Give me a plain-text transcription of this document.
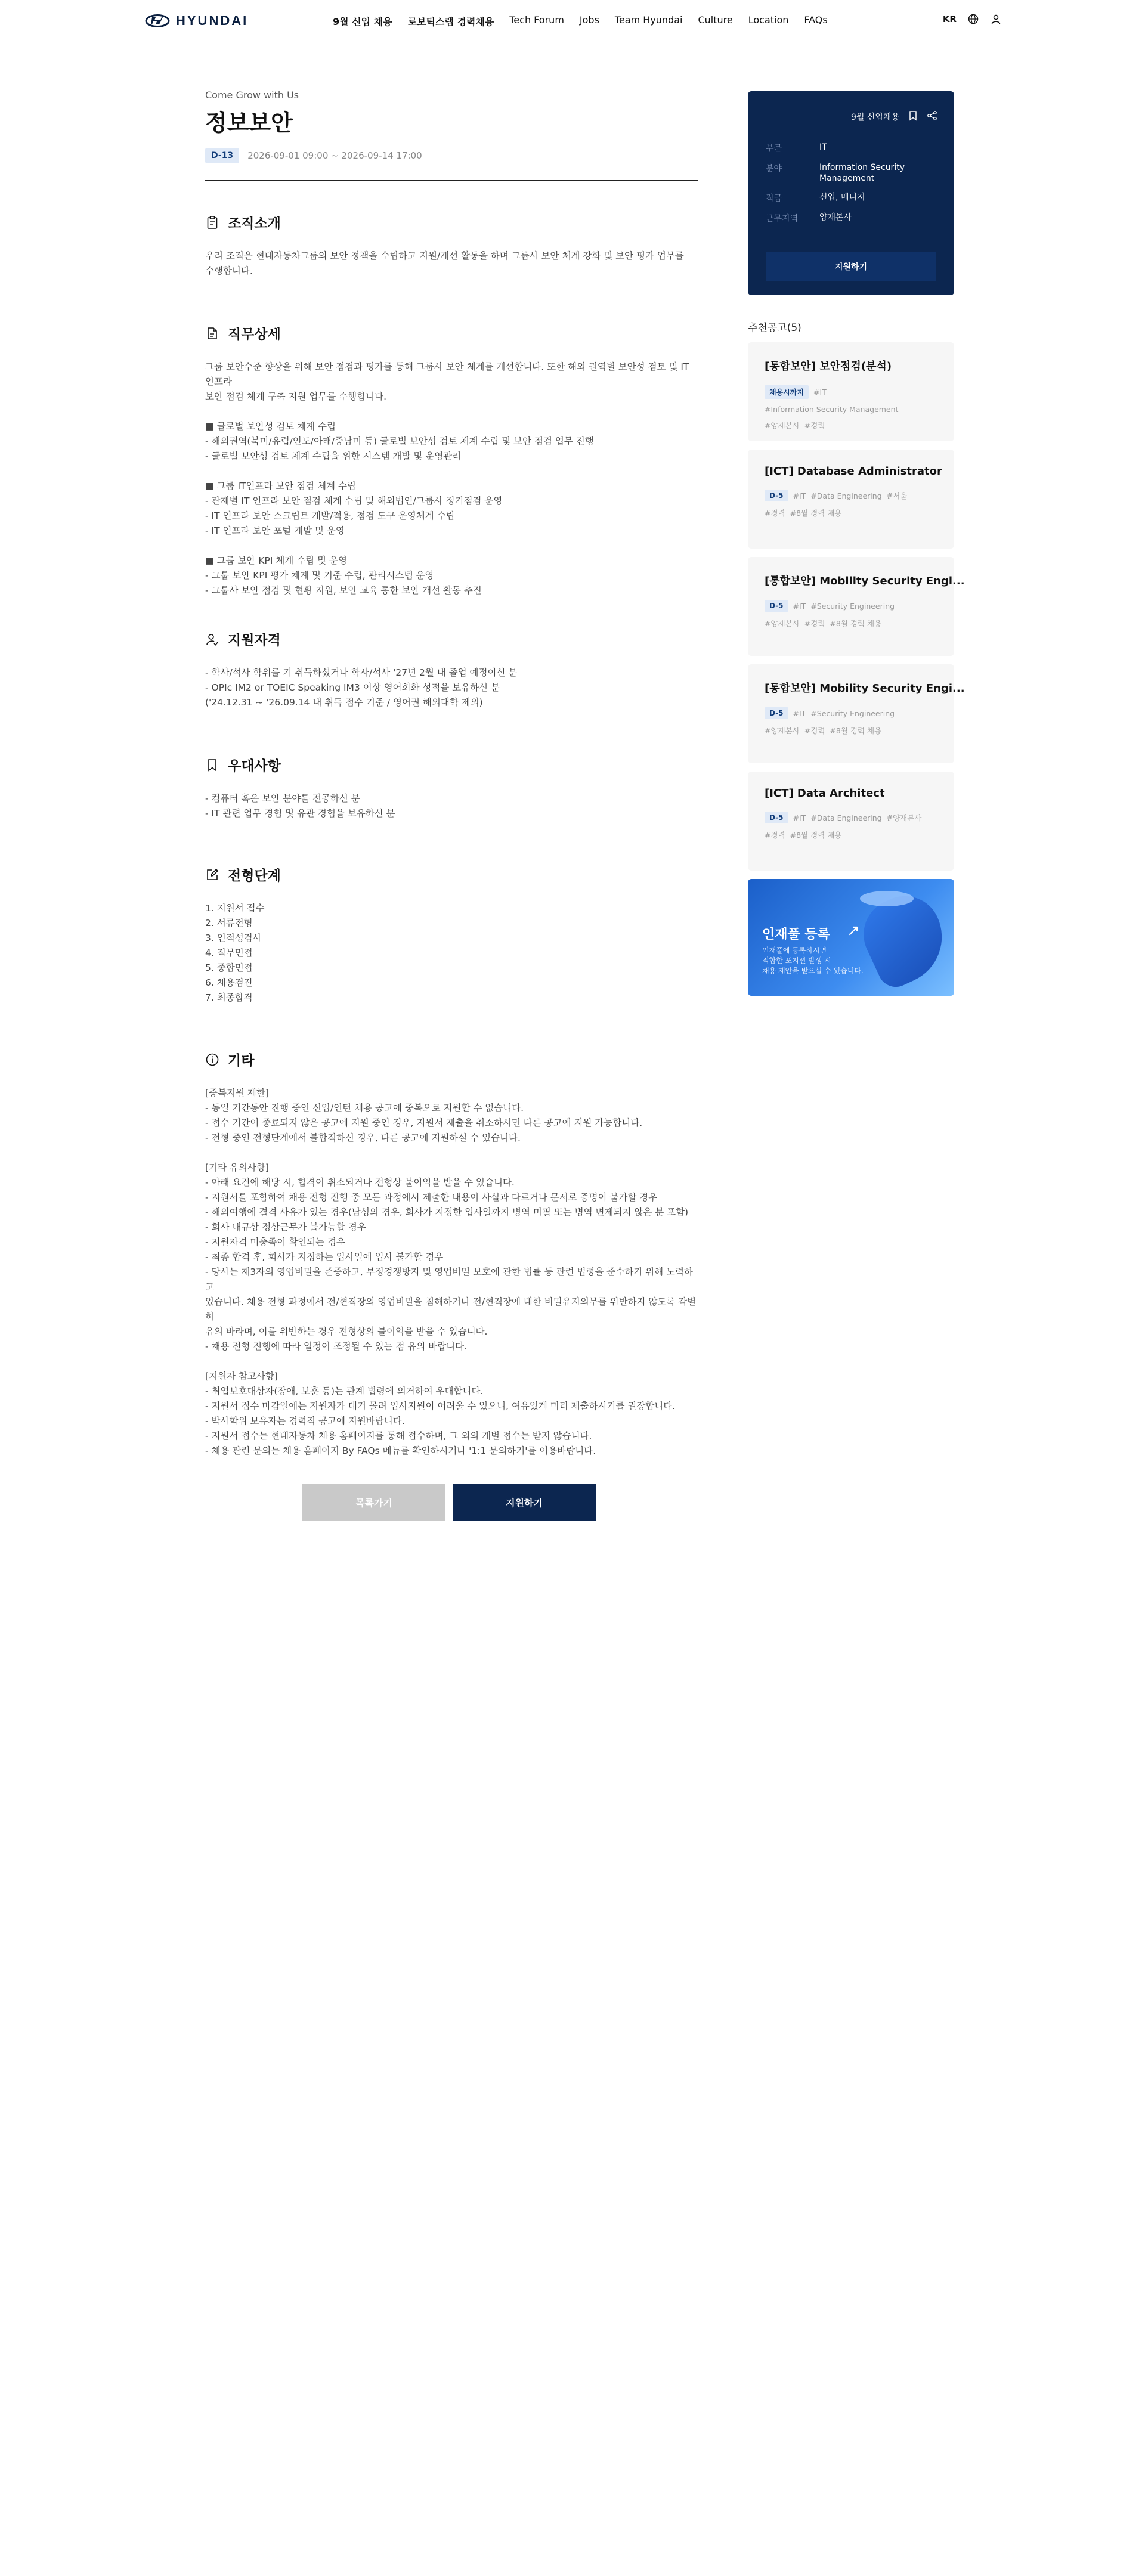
HYUNDAI	9월 신입 채용 로보틱스랩 경력채용 Tech Forum Jobs Team Hyundai Culture Location FAQs	KR
Come Grow with Us
정보보안
D-13	2026-09-01 09:00 ~ 2026-09-14 17:00
조직소개
우리 조직은 현대자동차그룹의 보안 정책을 수립하고 지원/개선 활동을 하며 그룹사 보안 체계 강화 및 보안 평가 업무를
수행합니다.
직무상세
그룹 보안수준 향상을 위해 보안 점검과 평가를 통해 그룹사 보안 체계를 개선합니다. 또한 해외 권역별 보안성 검토 및 IT 인프라
보안 점검 체계 구축 지원 업무를 수행합니다.

■ 글로벌 보안성 검토 체계 수립
- 해외권역(북미/유럽/인도/아태/중남미 등) 글로벌 보안성 검토 체계 수립 및 보안 점검 업무 진행
- 글로벌 보안성 검토 체계 수립을 위한 시스템 개발 및 운영관리

■ 그룹 IT인프라 보안 점검 체계 수립
- 관제별 IT 인프라 보안 점검 체계 수립 및 해외법인/그룹사 정기점검 운영
- IT 인프라 보안 스크립트 개발/적용, 점검 도구 운영체계 수립
- IT 인프라 보안 포털 개발 및 운영

■ 그룹 보안 KPI 체계 수립 및 운영
- 그룹 보안 KPI 평가 체계 및 기준 수립, 관리시스템 운영
- 그룹사 보안 점검 및 현황 지원, 보안 교육 통한 보안 개선 활동 추진
지원자격
- 학사/석사 학위를 기 취득하셨거나 학사/석사 '27년 2월 내 졸업 예정이신 분
- OPIc IM2 or TOEIC Speaking IM3 이상 영어회화 성적을 보유하신 분
('24.12.31 ~ '26.09.14 내 취득 점수 기준 / 영어권 해외대학 제외)
우대사항
- 컴퓨터 혹은 보안 분야를 전공하신 분
- IT 관련 업무 경험 및 유관 경험을 보유하신 분
전형단계
1. 지원서 접수
2. 서류전형
3. 인적성검사
4. 직무면접
5. 종합면접
6. 채용검진
7. 최종합격
기타
[중복지원 제한]
- 동일 기간동안 진행 중인 신입/인턴 채용 공고에 중복으로 지원할 수 없습니다.
- 접수 기간이 종료되지 않은 공고에 지원 중인 경우, 지원서 제출을 취소하시면 다른 공고에 지원 가능합니다.
- 전형 중인 전형단계에서 불합격하신 경우, 다른 공고에 지원하실 수 있습니다.

[기타 유의사항]
- 아래 요건에 해당 시, 합격이 취소되거나 전형상 불이익을 받을 수 있습니다.
- 지원서를 포함하여 채용 전형 진행 중 모든 과정에서 제출한 내용이 사실과 다르거나 문서로 증명이 불가할 경우
- 해외여행에 결격 사유가 있는 경우(남성의 경우, 회사가 지정한 입사일까지 병역 미필 또는 병역 면제되지 않은 분 포함)
- 회사 내규상 정상근무가 불가능할 경우
- 지원자격 미충족이 확인되는 경우
- 최종 합격 후, 회사가 지정하는 입사일에 입사 불가할 경우
- 당사는 제3자의 영업비밀을 존중하고, 부정경쟁방지 및 영업비밀 보호에 관한 법률 등 관련 법령을 준수하기 위해 노력하고
있습니다. 채용 전형 과정에서 전/현직장의 영업비밀을 침해하거나 전/현직장에 대한 비밀유지의무를 위반하지 않도록 각별히
유의 바라며, 이를 위반하는 경우 전형상의 불이익을 받을 수 있습니다.
- 채용 전형 진행에 따라 일정이 조정될 수 있는 점 유의 바랍니다.

[지원자 참고사항]
- 취업보호대상자(장애, 보훈 등)는 관계 법령에 의거하여 우대합니다.
- 지원서 접수 마감일에는 지원자가 대거 몰려 입사지원이 어려울 수 있으니, 여유있게 미리 제출하시기를 권장합니다.
- 박사학위 보유자는 경력직 공고에 지원바랍니다.
- 지원서 접수는 현대자동차 채용 홈페이지를 통해 접수하며, 그 외의 개별 접수는 받지 않습니다.
- 채용 관련 문의는 채용 홈페이지 By FAQs 메뉴를 확인하시거나 '1:1 문의하기'를 이용바랍니다.
9월 신입채용
부문	IT
분야	Information Security Management
직급	신입, 매니저
근무지역	양재본사
지원하기
추천공고(5)
[통합보안] 보안점검(분석)
채용시까지	#IT
#Information Security Management
#양재본사 #경력
[ICT] Database Administrator
D-5	#IT #Data Engineering #서울
#경력 #8월 경력 채용
[통합보안] Mobility Security Engi...
D-5	#IT #Security Engineering
#양재본사 #경력 #8월 경력 채용
[통합보안] Mobility Security Engi...
D-5	#IT #Security Engineering
#양재본사 #경력 #8월 경력 채용
[ICT] Data Architect
D-5	#IT #Data Engineering #양재본사
#경력 #8월 경력 채용
인재풀 등록 ↗
인재풀에 등록하시면
적합한 포지션 발생 시
채용 제안을 받으실 수 있습니다.
목록가기	지원하기
